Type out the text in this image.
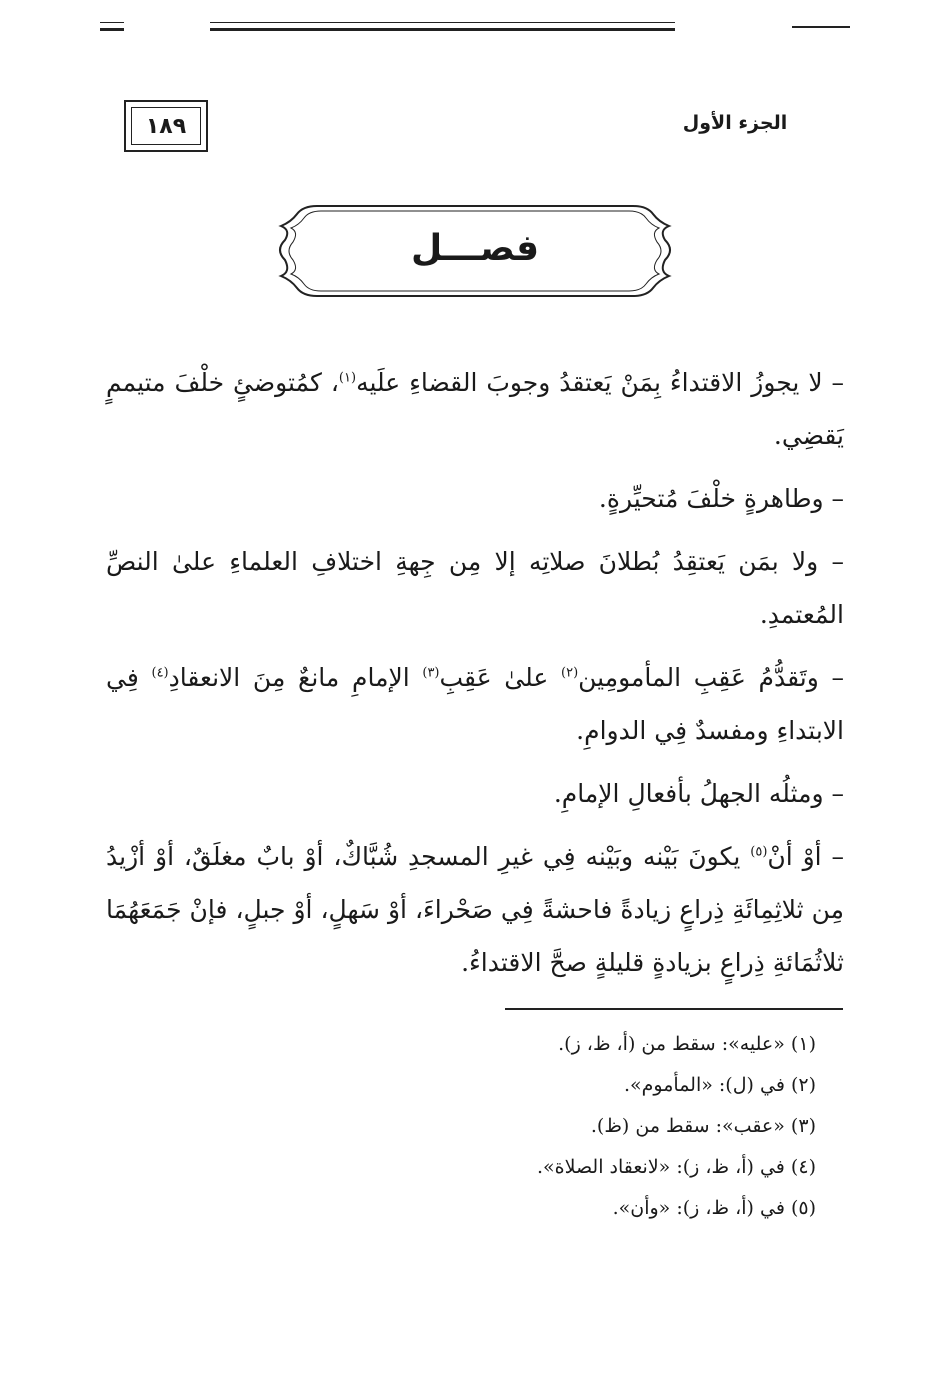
الجزء الأول
١٨٩
فصـــل

– لا يجوزُ الاقتداءُ بِمَنْ يَعتقدُ وجوبَ القضاءِ علَيه$^{(١)}$، كمُتوضئٍ خلْفَ متيممٍ يَقضِي.

– وطاهرةٍ خلْفَ مُتحيِّرةٍ.

– ولا بمَن يَعتقِدُ بُطلانَ صلاتِه إلا مِن جِهةِ اختلافِ العلماءِ علىٰ النصِّ المُعتمدِ.

– وتَقدُّمُ عَقِبِ المأمومِين$^{(٢)}$ علىٰ عَقِبِ$^{(٣)}$ الإمامِ مانعٌ مِنَ الانعقادِ$^{(٤)}$ فِي الابتداءِ ومفسدٌ فِي الدوامِ.

– ومثلُه الجهلُ بأفعالِ الإمامِ.

– أوْ أنْ$^{(٥)}$ يكونَ بَيْنه وبَيْنه فِي غيرِ المسجدِ شُبَّاكٌ، أوْ بابٌ مغلَقٌ، أوْ أزْيدُ مِن ثلاثِمِائَةِ ذِراعٍ زيادةً فاحشةً فِي صَحْراءَ، أوْ سَهلٍ، أوْ جبلٍ، فإنْ جَمَعَهُمَا ثلاثُمَائةِ ذِراعٍ بزيادةٍ قليلةٍ صحَّ الاقتداءُ.

(١) «عليه»: سقط من (أ، ظ، ز).
(٢) في (ل): «المأموم».
(٣) «عقب»: سقط من (ظ).
(٤) في (أ، ظ، ز): «لانعقاد الصلاة».
(٥) في (أ، ظ، ز): «وأن».
